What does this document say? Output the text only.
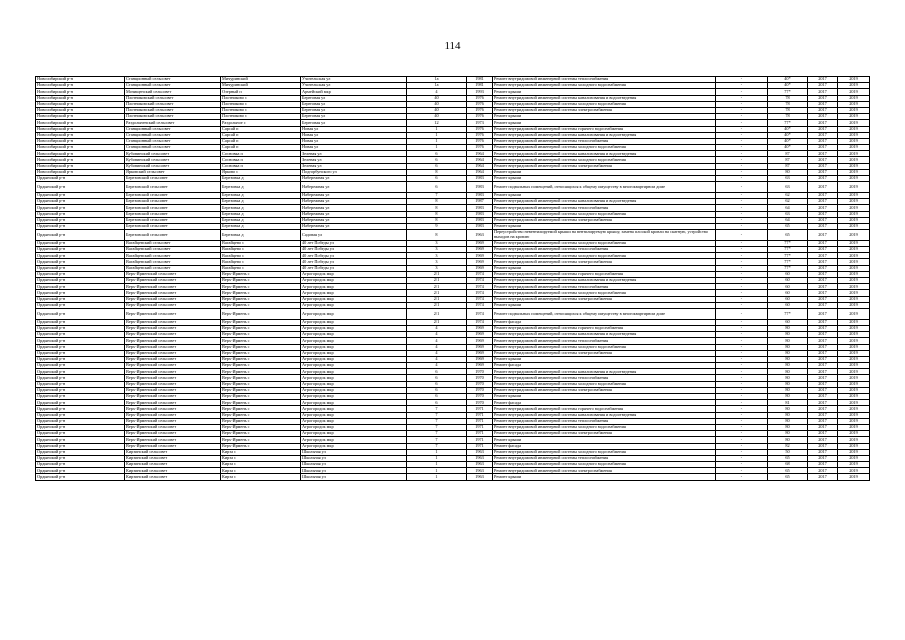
114
Новосибирский р-н	Станционный сельсовет	Мичуринский	Учительская ул	1а	1981	Ремонт внутридомовой инженерной системы теплоснабжения	-	40*	2017	2019
Новосибирский р-н	Станционный сельсовет	Мичуринский	Учительская ул	1а	1981	Ремонт внутридомовой инженерной системы холодного водоснабжения	-	40*	2017	2019
Новосибирский р-н	Мочищенский сельсовет	Озерный п	Армейский мкр	4	1993	Ремонт крыши	-	77*	2017	2019
Новосибирский р-н	Плотниковский сельсовет	Плотниково с	Береговая ул	40	1976	Ремонт внутридомовой инженерной системы канализования и водоотведения	-	78	2017	2019
Новосибирский р-н	Плотниковский сельсовет	Плотниково с	Береговая ул	40	1976	Ремонт внутридомовой инженерной системы холодного водоснабжения	-	78	2017	2019
Новосибирский р-н	Плотниковский сельсовет	Плотниково с	Береговая ул	40	1976	Ремонт внутридомовой инженерной системы электроснабжения	-	78	2017	2019
Новосибирский р-н	Плотниковский сельсовет	Плотниково с	Береговая ул	40	1976	Ремонт крыши	-	78	2017	2019
Новосибирский р-н	Раздольненский сельсовет	Раздольное с	Береговая ул	12	1973	Ремонт крыши	-	77*	2017	2019
Новосибирский р-н	Станционный сельсовет	Сарсай п	Новая ул	1	1976	Ремонт внутридомовой инженерной системы горячего водоснабжения	-	40*	2017	2019
Новосибирский р-н	Станционный сельсовет	Сарсай п	Новая ул	1	1976	Ремонт внутридомовой инженерной системы канализования и водоотведения	-	40*	2017	2019
Новосибирский р-н	Станционный сельсовет	Сарсай п	Новая ул	1	1976	Ремонт внутридомовой инженерной системы теплоснабжения	-	40*	2017	2019
Новосибирский р-н	Станционный сельсовет	Сарсай п	Новая ул	1	1976	Ремонт внутридомовой инженерной системы холодного водоснабжения	-	40*	2017	2019
Новосибирский р-н	Кубовинский сельсовет	Сосновка п	Зеленая ул	6	1964	Ремонт внутридомовой инженерной системы канализования и водоотведения	-	87	2017	2019
Новосибирский р-н	Кубовинский сельсовет	Сосновка п	Зеленая ул	6	1964	Ремонт внутридомовой инженерной системы холодного водоснабжения	-	87	2017	2019
Новосибирский р-н	Кубовинский сельсовет	Сосновка п	Зеленая ул	6	1964	Ремонт внутридомовой инженерной системы электроснабжения	-	87	2017	2019
Новосибирский р-н	Ярковский сельсовет	Ярково с	Подгорбунского ул	8	1964	Ремонт крыши	-	80	2017	2019
Ордынский р-н	Березовский сельсовет	Березовка д	Набережная ул	6	1983	Ремонт крыши	-	63	2017	2019
Ордынский р-н	Березовский сельсовет	Березовка д	Набережная ул	6	1983	Ремонт подвальных помещений, относящихся к общему имуществу в многоквартирном доме	-	63	2017	2019
Ордынский р-н	Березовский сельсовет	Березовка д	Набережная ул	7	1983	Ремонт крыши	-	62	2017	2019
Ордынский р-н	Березовский сельсовет	Березовка д	Набережная ул	8	1987	Ремонт внутридомовой инженерной системы канализования и водоотведения	-	62	2017	2019
Ордынский р-н	Березовский сельсовет	Березовка д	Набережная ул	8	1983	Ремонт внутридомовой инженерной системы теплоснабжения	-	64	2017	2019
Ордынский р-н	Березовский сельсовет	Березовка д	Набережная ул	8	1983	Ремонт внутридомовой инженерной системы холодного водоснабжения	-	63	2017	2019
Ордынский р-н	Березовский сельсовет	Березовка д	Набережная ул	8	1983	Ремонт внутридомовой инженерной системы электроснабжения	-	64	2017	2019
Ордынский р-н	Березовский сельсовет	Березовка д	Набережная ул	9	1983	Ремонт крыши	-	65	2017	2019
Ордынский р-н	Березовский сельсовет	Березовка д	Садовая ул	8	1963	Переустройство невентилируемой крыши на вентилируемую крышу, замена плоской кровли на скатную, устройство выходов на кровлю	-	65	2017	2019
Ордынский р-н	Вагайцевский сельсовет	Вагайцево с	40 лет Победы ул	3	1969	Ремонт внутридомовой инженерной системы холодного водоснабжения	-	77*	2017	2019
Ордынский р-н	Вагайцевский сельсовет	Вагайцево с	40 лет Победы ул	3	1969	Ремонт внутридомовой инженерной системы теплоснабжения	-	77*	2017	2019
Ордынский р-н	Вагайцевский сельсовет	Вагайцево с	40 лет Победы ул	3	1969	Ремонт внутридомовой инженерной системы холодного водоснабжения	-	77*	2017	2019
Ордынский р-н	Вагайцевский сельсовет	Вагайцево с	40 лет Победы ул	3	1969	Ремонт внутридомовой инженерной системы электроснабжения	-	77*	2017	2019
Ордынский р-н	Вагайцевский сельсовет	Вагайцево с	40 лет Победы ул	3	1969	Ремонт крыши	-	77*	2017	2019
Ордынский р-н	Верх-Ирменский сельсовет	Верх-Ирмень с	Агрогородок мкр	2/1	1974	Ремонт внутридомовой инженерной системы горячего водоснабжения	-	60	2017	2019
Ордынский р-н	Верх-Ирменский сельсовет	Верх-Ирмень с	Агрогородок мкр	2/1	1974	Ремонт внутридомовой инженерной системы канализования и водоотведения	-	60	2017	2019
Ордынский р-н	Верх-Ирменский сельсовет	Верх-Ирмень с	Агрогородок мкр	2/1	1974	Ремонт внутридомовой инженерной системы теплоснабжения	-	60	2017	2019
Ордынский р-н	Верх-Ирменский сельсовет	Верх-Ирмень с	Агрогородок мкр	2/1	1974	Ремонт внутридомовой инженерной системы холодного водоснабжения	-	60	2017	2019
Ордынский р-н	Верх-Ирменский сельсовет	Верх-Ирмень с	Агрогородок мкр	2/1	1974	Ремонт внутридомовой инженерной системы электроснабжения	-	60	2017	2019
Ордынский р-н	Верх-Ирменский сельсовет	Верх-Ирмень с	Агрогородок мкр	2/1	1974	Ремонт крыши	-	60	2017	2019
Ордынский р-н	Верх-Ирменский сельсовет	Верх-Ирмень с	Агрогородок мкр	2/1	1974	Ремонт подвальных помещений, относящихся к общему имуществу в многоквартирном доме	-	77*	2017	2019
Ордынский р-н	Верх-Ирменский сельсовет	Верх-Ирмень с	Агрогородок мкр	2/1	1974	Ремонт фасада	-	60	2017	2019
Ордынский р-н	Верх-Ирменский сельсовет	Верх-Ирмень с	Агрогородок мкр	4	1969	Ремонт внутридомовой инженерной системы горячего водоснабжения	-	80	2017	2019
Ордынский р-н	Верх-Ирменский сельсовет	Верх-Ирмень с	Агрогородок мкр	4	1969	Ремонт внутридомовой инженерной системы канализования и водоотведения	-	80	2017	2019
Ордынский р-н	Верх-Ирменский сельсовет	Верх-Ирмень с	Агрогородок мкр	4	1969	Ремонт внутридомовой инженерной системы теплоснабжения	-	80	2017	2019
Ордынский р-н	Верх-Ирменский сельсовет	Верх-Ирмень с	Агрогородок мкр	4	1969	Ремонт внутридомовой инженерной системы холодного водоснабжения	-	80	2017	2019
Ордынский р-н	Верх-Ирменский сельсовет	Верх-Ирмень с	Агрогородок мкр	4	1969	Ремонт внутридомовой инженерной системы электроснабжения	-	80	2017	2019
Ордынский р-н	Верх-Ирменский сельсовет	Верх-Ирмень с	Агрогородок мкр	4	1969	Ремонт крыши	-	80	2017	2019
Ордынский р-н	Верх-Ирменский сельсовет	Верх-Ирмень с	Агрогородок мкр	4	1969	Ремонт фасада	-	80	2017	2019
Ордынский р-н	Верх-Ирменский сельсовет	Верх-Ирмень с	Агрогородок мкр	6	1970	Ремонт внутридомовой инженерной системы канализования и водоотведения	-	80	2017	2019
Ордынский р-н	Верх-Ирменский сельсовет	Верх-Ирмень с	Агрогородок мкр	6	1970	Ремонт внутридомовой инженерной системы теплоснабжения	-	80	2017	2019
Ордынский р-н	Верх-Ирменский сельсовет	Верх-Ирмень с	Агрогородок мкр	6	1970	Ремонт внутридомовой инженерной системы холодного водоснабжения	-	80	2017	2019
Ордынский р-н	Верх-Ирменский сельсовет	Верх-Ирмень с	Агрогородок мкр	6	1970	Ремонт внутридомовой инженерной системы электроснабжения	-	80	2017	2019
Ордынский р-н	Верх-Ирменский сельсовет	Верх-Ирмень с	Агрогородок мкр	6	1970	Ремонт крыши	-	80	2017	2019
Ордынский р-н	Верх-Ирменский сельсовет	Верх-Ирмень с	Агрогородок мкр	6	1970	Ремонт фасада	-	81	2017	2019
Ордынский р-н	Верх-Ирменский сельсовет	Верх-Ирмень с	Агрогородок мкр	7	1971	Ремонт внутридомовой инженерной системы горячего водоснабжения	-	80	2017	2019
Ордынский р-н	Верх-Ирменский сельсовет	Верх-Ирмень с	Агрогородок мкр	7	1971	Ремонт внутридомовой инженерной системы канализования и водоотведения	-	80	2017	2019
Ордынский р-н	Верх-Ирменский сельсовет	Верх-Ирмень с	Агрогородок мкр	7	1971	Ремонт внутридомовой инженерной системы теплоснабжения	-	80	2017	2019
Ордынский р-н	Верх-Ирменский сельсовет	Верх-Ирмень с	Агрогородок мкр	7	1971	Ремонт внутридомовой инженерной системы холодного водоснабжения	-	80	2017	2019
Ордынский р-н	Верх-Ирменский сельсовет	Верх-Ирмень с	Агрогородок мкр	7	1971	Ремонт внутридомовой инженерной системы электроснабжения	-	80	2017	2019
Ордынский р-н	Верх-Ирменский сельсовет	Верх-Ирмень с	Агрогородок мкр	7	1971	Ремонт крыши	-	80	2017	2019
Ордынский р-н	Верх-Ирменский сельсовет	Верх-Ирмень с	Агрогородок мкр	7	1971	Ремонт фасада	-	82	2017	2019
Ордынский р-н	Кирзинский сельсовет	Кирза с	Школьная ул	1	1963	Ремонт внутридомовой инженерной системы холодного водоснабжения	-	50	2017	2019
Ордынский р-н	Кирзинский сельсовет	Кирза с	Школьная ул	1	1963	Ремонт внутридомовой инженерной системы теплоснабжения	-	65	2017	2019
Ордынский р-н	Кирзинский сельсовет	Кирза с	Школьная ул	1	1963	Ремонт внутридомовой инженерной системы холодного водоснабжения	-	68	2017	2019
Ордынский р-н	Кирзинский сельсовет	Кирза с	Школьная ул	1	1963	Ремонт внутридомовой инженерной системы электроснабжения	-	65	2017	2019
Ордынский р-н	Кирзинский сельсовет	Кирза с	Школьная ул	1	1963	Ремонт крыши	-	65	2017	2019
